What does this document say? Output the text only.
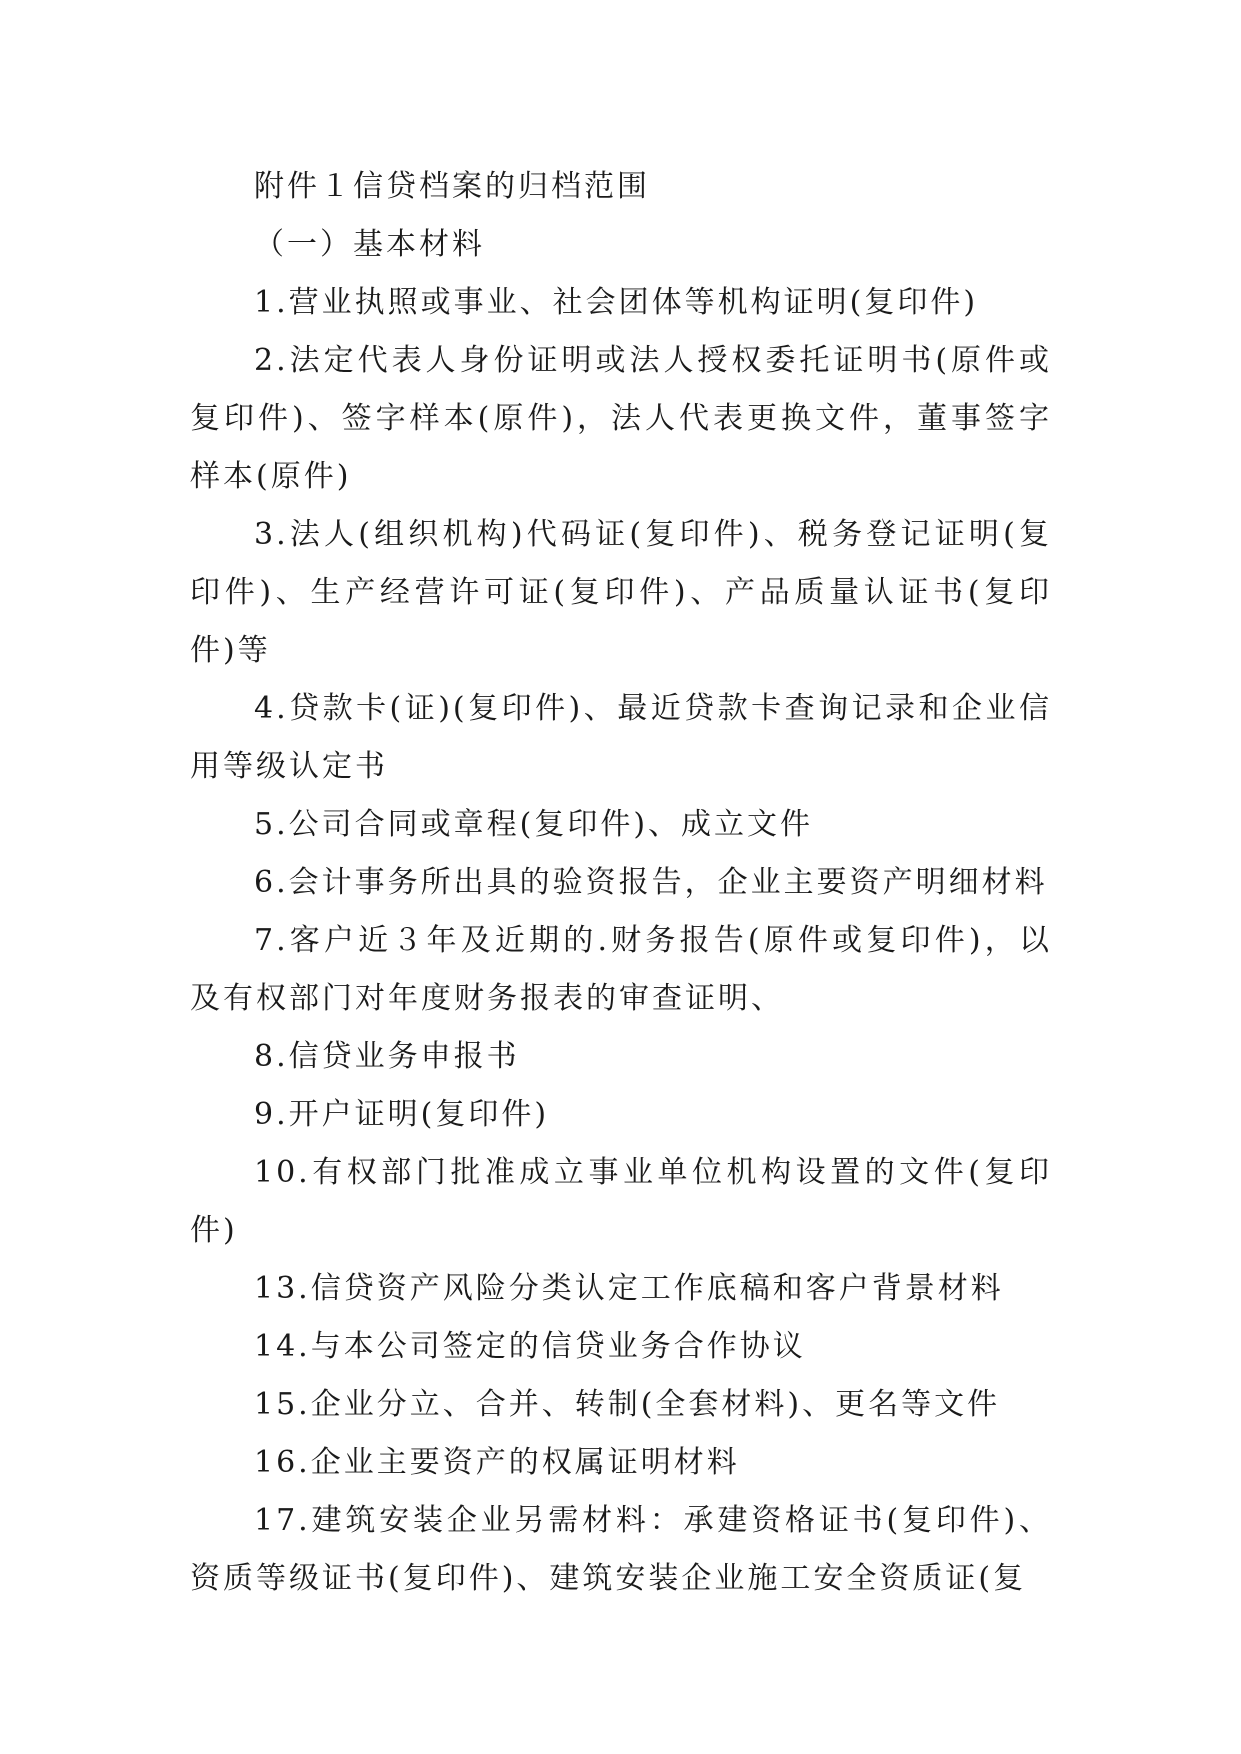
附件１信贷档案的归档范围

（一）基本材料

1.营业执照或事业、社会团体等机构证明(复印件)

2.法定代表人身份证明或法人授权委托证明书(原件或复印件)、签字样本(原件)，法人代表更换文件，董事签字样本(原件)

3.法人(组织机构)代码证(复印件)、税务登记证明(复印件)、生产经营许可证(复印件)、产品质量认证书(复印件)等

4.贷款卡(证)(复印件)、最近贷款卡查询记录和企业信用等级认定书

5.公司合同或章程(复印件)、成立文件

6.会计事务所出具的验资报告，企业主要资产明细材料

7.客户近３年及近期的.财务报告(原件或复印件)，以及有权部门对年度财务报表的审查证明、

8.信贷业务申报书

9.开户证明(复印件)

10.有权部门批准成立事业单位机构设置的文件(复印件)

13.信贷资产风险分类认定工作底稿和客户背景材料

14.与本公司签定的信贷业务合作协议

15.企业分立、合并、转制(全套材料)、更名等文件

16.企业主要资产的权属证明材料

17.建筑安装企业另需材料：承建资格证书(复印件)、资质等级证书(复印件)、建筑安装企业施工安全资质证(复
